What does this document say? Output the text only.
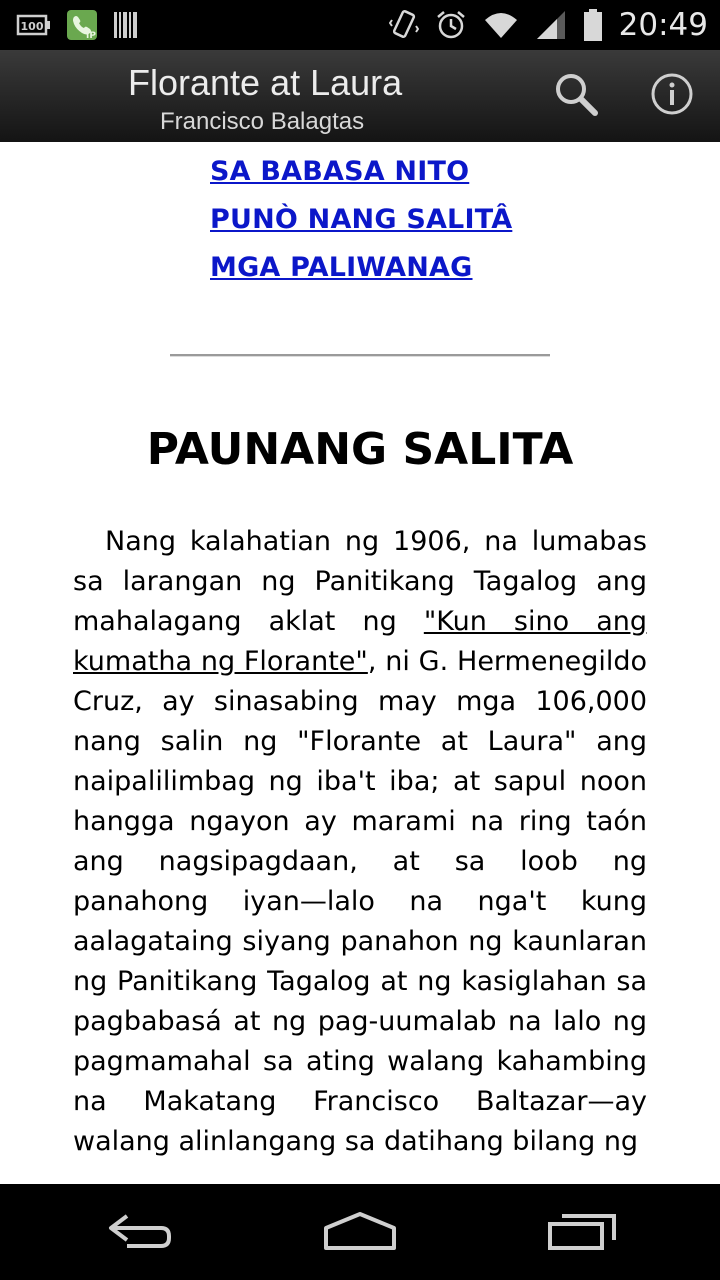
100
IP	20:49
Florante at Laura
Francisco Balagtas
SA BABASA NITO
PUNÒ NANG SALITÂ
MGA PALIWANAG
PAUNANG SALITA

Nang kalahatian ng 1906, na lumabas sa larangan ng Panitikang Tagalog ang mahalagang aklat ng "Kun sino ang kumatha ng Florante", ni G. Hermenegildo Cruz, ay sinasabing may mga 106,000 nang salin ng "Florante at Laura" ang naipalilimbag ng iba't iba; at sapul noon hangga ngayon ay marami na ring taón ang nagsipagdaan, at sa loob ng panahong iyan—lalo na nga't kung aalagataing siyang panahon ng kaunlaran ng Panitikang Tagalog at ng kasiglahan sa pagbabasá at ng pag-uumalab na lalo ng pagmamahal sa ating walang kahambing na Makatang Francisco Baltazar—ay walang alinlangang sa datihang bilang ng
